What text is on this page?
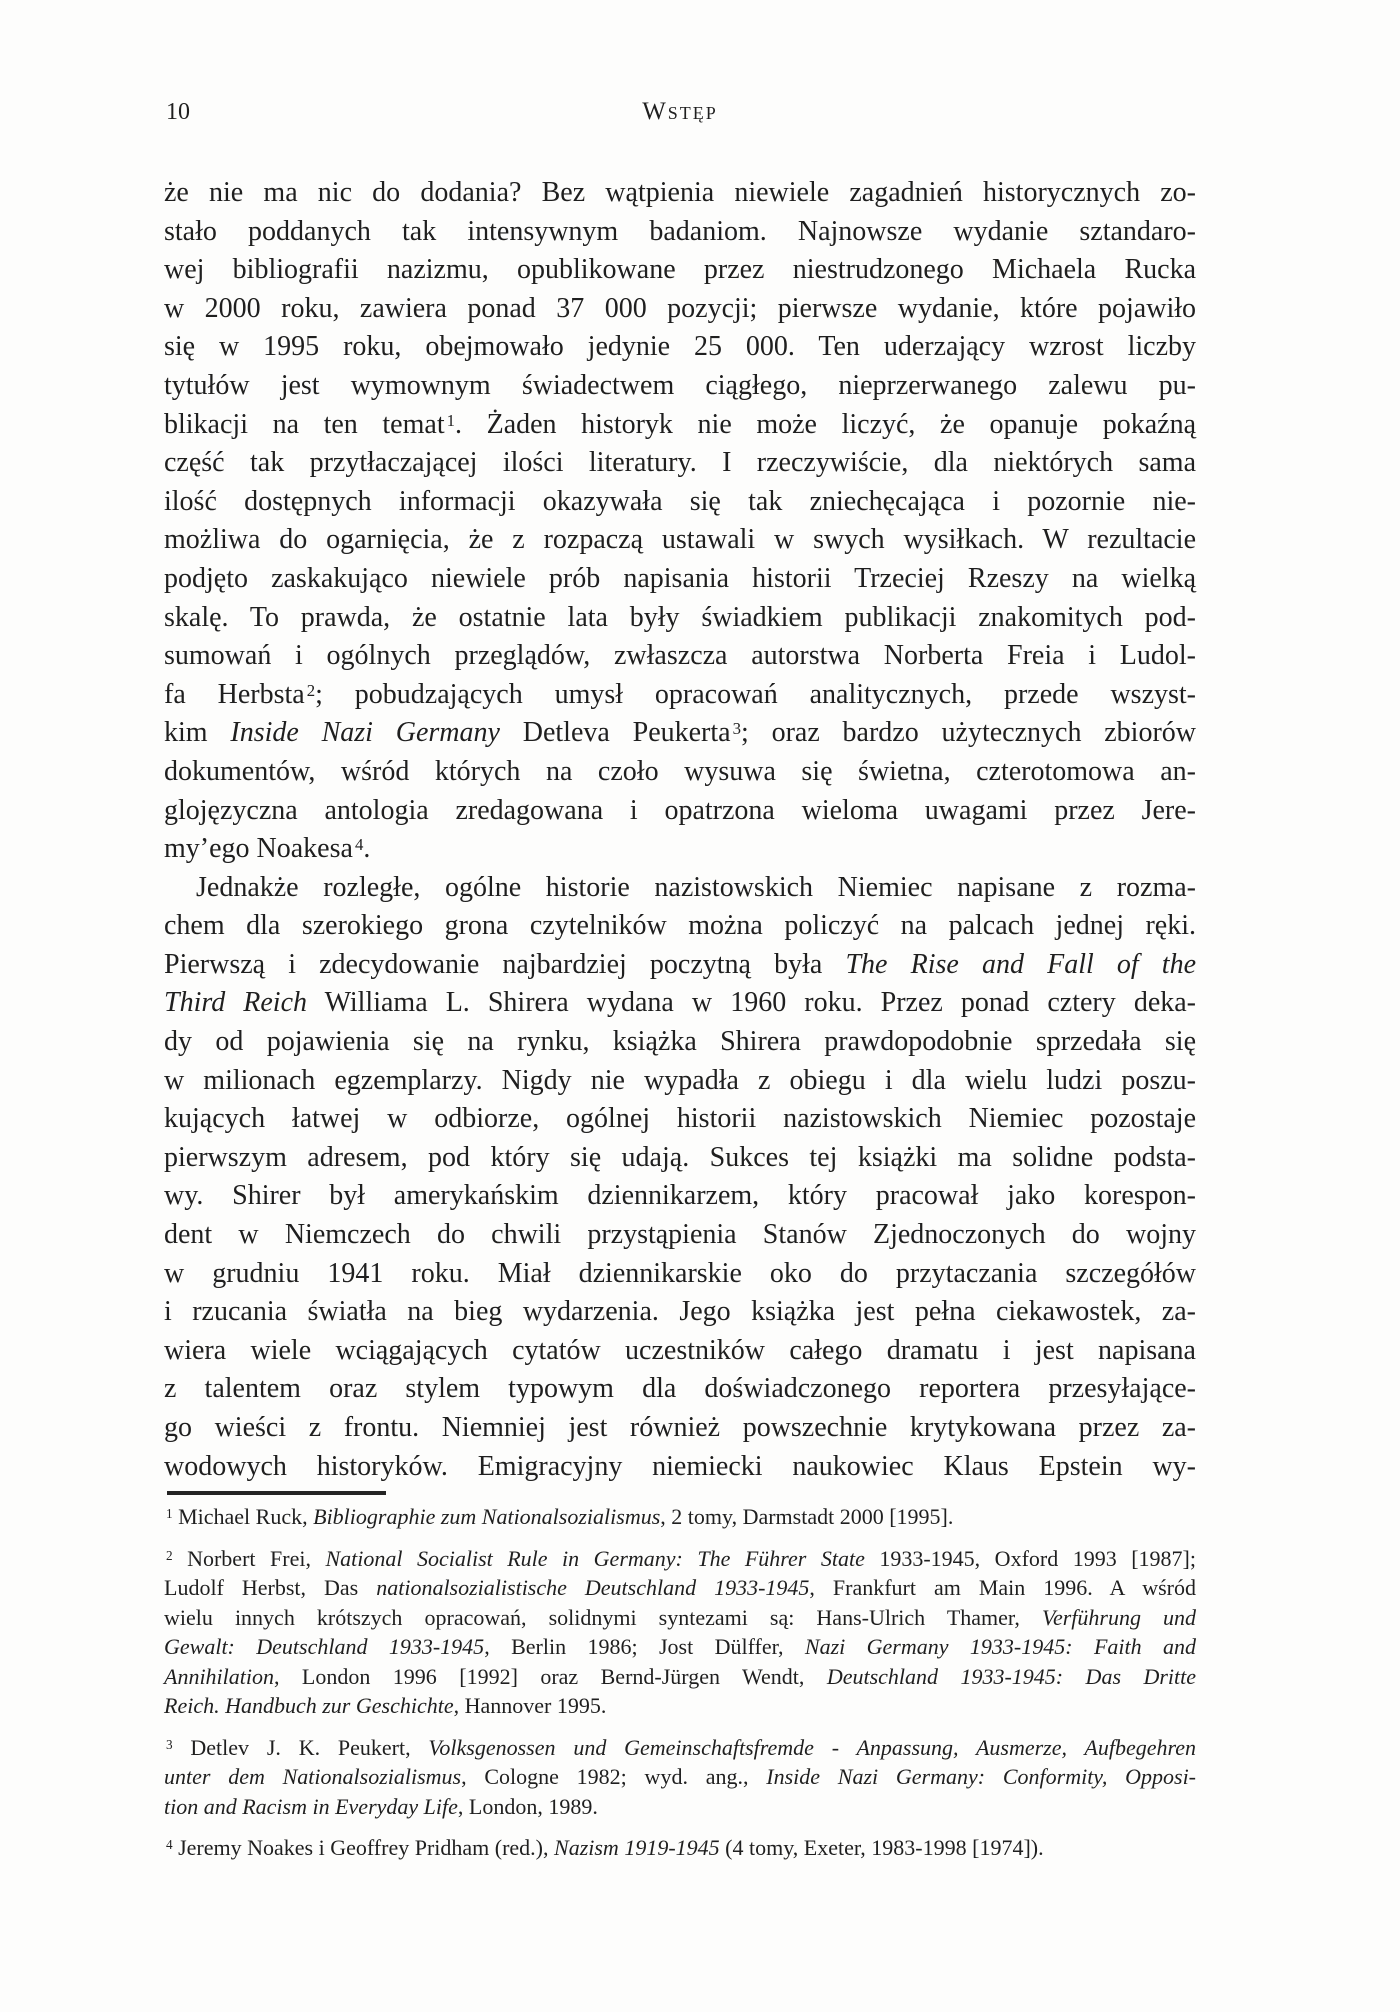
10	Wstęp
że nie ma nic do dodania? Bez wątpienia niewiele zagadnień historycznych zo-
stało poddanych tak intensywnym badaniom. Najnowsze wydanie sztandaro-
wej bibliografii nazizmu, opublikowane przez niestrudzonego Michaela Rucka
w 2000 roku, zawiera ponad 37 000 pozycji; pierwsze wydanie, które pojawiło
się w 1995 roku, obejmowało jedynie 25 000. Ten uderzający wzrost liczby
tytułów jest wymownym świadectwem ciągłego, nieprzerwanego zalewu pu-
blikacji na ten temat $^1$. Żaden historyk nie może liczyć, że opanuje pokaźną
część tak przytłaczającej ilości literatury. I rzeczywiście, dla niektórych sama
ilość dostępnych informacji okazywała się tak zniechęcająca i pozornie nie-
możliwa do ogarnięcia, że z rozpaczą ustawali w swych wysiłkach. W rezultacie
podjęto zaskakująco niewiele prób napisania historii Trzeciej Rzeszy na wielką
skalę. To prawda, że ostatnie lata były świadkiem publikacji znakomitych pod-
sumowań i ogólnych przeglądów, zwłaszcza autorstwa Norberta Freia i Ludol-
fa Herbsta $^2$; pobudzających umysł opracowań analitycznych, przede wszyst-
kim Inside Nazi Germany Detleva Peukerta $^3$; oraz bardzo użytecznych zbiorów
dokumentów, wśród których na czoło wysuwa się świetna, czterotomowa an-
glojęzyczna antologia zredagowana i opatrzona wieloma uwagami przez Jere-
my’ego Noakesa $^4$.
Jednakże rozległe, ogólne historie nazistowskich Niemiec napisane z rozma-
chem dla szerokiego grona czytelników można policzyć na palcach jednej ręki.
Pierwszą i zdecydowanie najbardziej poczytną była The Rise and Fall of the
Third Reich Williama L. Shirera wydana w 1960 roku. Przez ponad cztery deka-
dy od pojawienia się na rynku, książka Shirera prawdopodobnie sprzedała się
w milionach egzemplarzy. Nigdy nie wypadła z obiegu i dla wielu ludzi poszu-
kujących łatwej w odbiorze, ogólnej historii nazistowskich Niemiec pozostaje
pierwszym adresem, pod który się udają. Sukces tej książki ma solidne podsta-
wy. Shirer był amerykańskim dziennikarzem, który pracował jako korespon-
dent w Niemczech do chwili przystąpienia Stanów Zjednoczonych do wojny
w grudniu 1941 roku. Miał dziennikarskie oko do przytaczania szczegółów
i rzucania światła na bieg wydarzenia. Jego książka jest pełna ciekawostek, za-
wiera wiele wciągających cytatów uczestników całego dramatu i jest napisana
z talentem oraz stylem typowym dla doświadczonego reportera przesyłające-
go wieści z frontu. Niemniej jest również powszechnie krytykowana przez za-
wodowych historyków. Emigracyjny niemiecki naukowiec Klaus Epstein wy-
$^1$ Michael Ruck, Bibliographie zum Nationalsozialismus, 2 tomy, Darmstadt 2000 [1995].
$^2$ Norbert Frei, National Socialist Rule in Germany: The Führer State 1933-1945, Oxford 1993 [1987];
Ludolf Herbst, Das nationalsozialistische Deutschland 1933-1945, Frankfurt am Main 1996. A wśród
wielu innych krótszych opracowań, solidnymi syntezami są: Hans-Ulrich Thamer, Verführung und
Gewalt: Deutschland 1933-1945, Berlin 1986; Jost Dülffer, Nazi Germany 1933-1945: Faith and
Annihilation, London 1996 [1992] oraz Bernd-Jürgen Wendt, Deutschland 1933-1945: Das Dritte
Reich. Handbuch zur Geschichte, Hannover 1995.
$^3$ Detlev J. K. Peukert, Volksgenossen und Gemeinschaftsfremde - Anpassung, Ausmerze, Aufbegehren
unter dem Nationalsozialismus, Cologne 1982; wyd. ang., Inside Nazi Germany: Conformity, Opposi-
tion and Racism in Everyday Life, London, 1989.
$^4$ Jeremy Noakes i Geoffrey Pridham (red.), Nazism 1919-1945 (4 tomy, Exeter, 1983-1998 [1974]).
